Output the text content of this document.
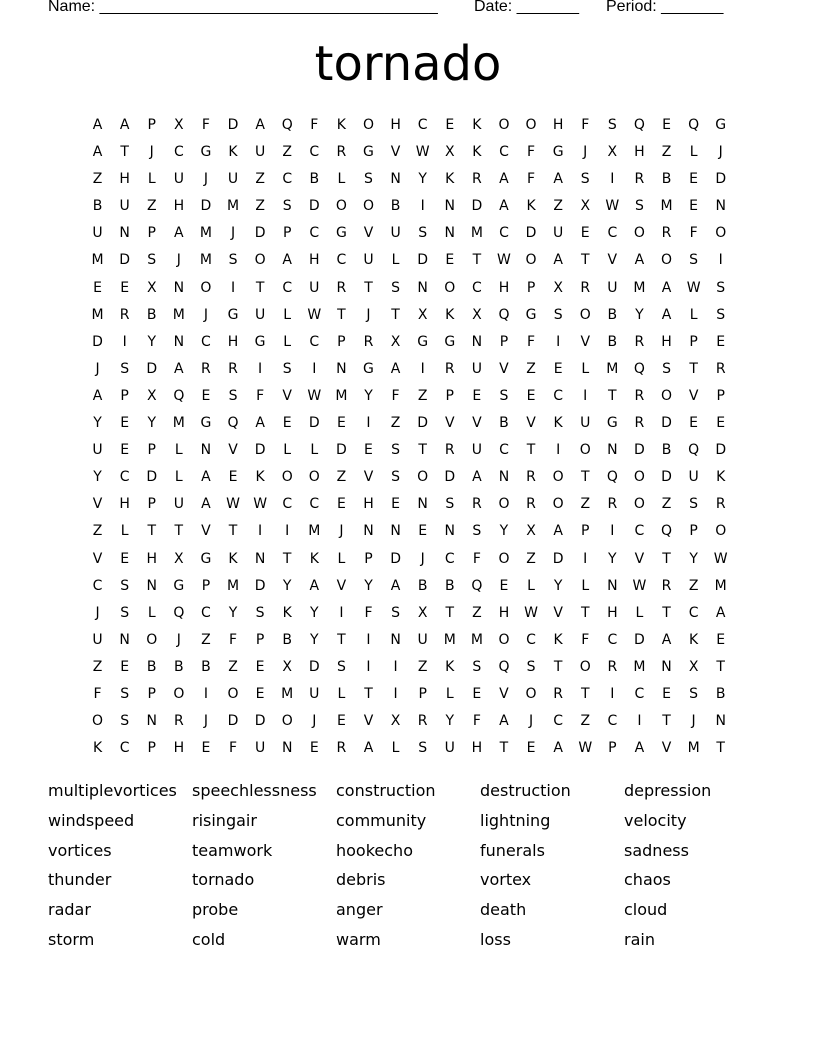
Name: ______________________________________ Date: _______ Period: _______
tornado
A	A	P	X	F	D	A	Q	F	K	O	H	C	E	K	O	O	H	F	S	Q	E	Q	G
A	T	J	C	G	K	U	Z	C	R	G	V	W	X	K	C	F	G	J	X	H	Z	L	J
Z	H	L	U	J	U	Z	C	B	L	S	N	Y	K	R	A	F	A	S	I	R	B	E	D
B	U	Z	H	D	M	Z	S	D	O	O	B	I	N	D	A	K	Z	X	W	S	M	E	N
U	N	P	A	M	J	D	P	C	G	V	U	S	N	M	C	D	U	E	C	O	R	F	O
M	D	S	J	M	S	O	A	H	C	U	L	D	E	T	W	O	A	T	V	A	O	S	I
E	E	X	N	O	I	T	C	U	R	T	S	N	O	C	H	P	X	R	U	M	A	W	S
M	R	B	M	J	G	U	L	W	T	J	T	X	K	X	Q	G	S	O	B	Y	A	L	S
D	I	Y	N	C	H	G	L	C	P	R	X	G	G	N	P	F	I	V	B	R	H	P	E
J	S	D	A	R	R	I	S	I	N	G	A	I	R	U	V	Z	E	L	M	Q	S	T	R
A	P	X	Q	E	S	F	V	W	M	Y	F	Z	P	E	S	E	C	I	T	R	O	V	P
Y	E	Y	M	G	Q	A	E	D	E	I	Z	D	V	V	B	V	K	U	G	R	D	E	E
U	E	P	L	N	V	D	L	L	D	E	S	T	R	U	C	T	I	O	N	D	B	Q	D
Y	C	D	L	A	E	K	O	O	Z	V	S	O	D	A	N	R	O	T	Q	O	D	U	K
V	H	P	U	A	W W	C	C	E	H	E	N	S	R	O	R	O	Z	R	O	Z	S	R
Z	L	T	T	V	T	I	I	M	J	N	N	E	N	S	Y	X	A	P	I	C	Q	P	O
V	E	H	X	G	K	N	T	K	L	P	D	J	C	F	O	Z	D	I	Y	V	T	Y	W
C	S	N	G	P	M	D	Y	A	V	Y	A	B	B	Q	E	L	Y	L	N	W	R	Z	M
J	S	L	Q	C	Y	S	K	Y	I	F	S	X	T	Z	H	W	V	T	H	L	T	C	A
U	N	O	J	Z	F	P	B	Y	T	I	N	U	M	M	O	C	K	F	C	D	A	K	E
Z	E	B	B	B	Z	E	X	D	S	I	I	Z	K	S	Q	S	T	O	R	M	N	X	T
F	S	P	O	I	O	E	M	U	L	T	I	P	L	E	V	O	R	T	I	C	E	S	B
O	S	N	R	J	D	D	O	J	E	V	X	R	Y	F	A	J	C	Z	C	I	T	J	N
K	C	P	H	E	F	U	N	E	R	A	L	S	U	H	T	E	A	W	P	A	V	M	T
multiplevortices speechlessness	construction	destruction	depression
windspeed	risingair	community	lightning	velocity
vortices	teamwork	hookecho	funerals	sadness
thunder	tornado	debris	vortex	chaos
radar	probe	anger	death	cloud
storm	cold	warm	loss	rain
